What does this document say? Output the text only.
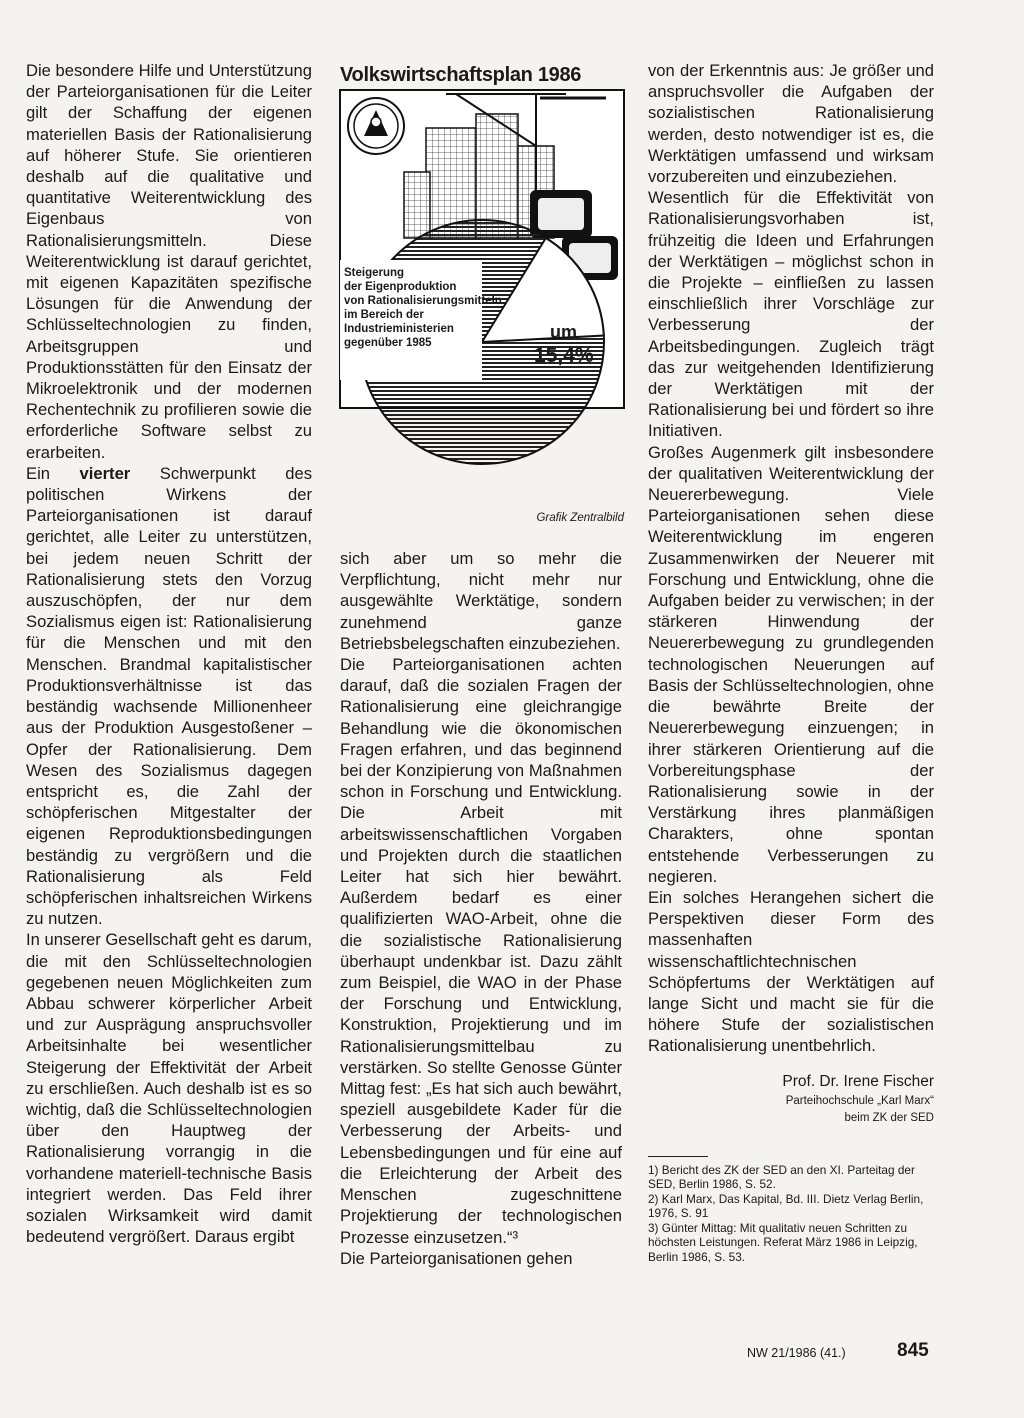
Die besondere Hilfe und Unterstützung der Parteiorganisationen für die Leiter gilt der Schaffung der eigenen materiellen Basis der Rationalisierung auf höherer Stufe. Sie orientieren deshalb auf die qualitative und quantitative Weiterentwicklung des Eigenbaus von Rationalisierungsmitteln. Diese Weiterentwicklung ist darauf gerichtet, mit eigenen Kapazitäten spezifische Lösungen für die Anwendung der Schlüsseltechnologien zu finden, Arbeitsgruppen und Produktionsstätten für den Einsatz der Mikroelektronik und der modernen Rechentechnik zu profilieren sowie die erforderliche Software selbst zu erarbeiten.

Ein vierter Schwerpunkt des politischen Wirkens der Parteiorganisationen ist darauf gerichtet, alle Leiter zu unterstützen, bei jedem neuen Schritt der Rationalisierung stets den Vorzug auszuschöpfen, der nur dem Sozialismus eigen ist: Rationalisierung für die Menschen und mit den Menschen. Brandmal kapitalistischer Produktionsverhältnisse ist das beständig wachsende Millionenheer aus der Produktion Ausgestoßener – Opfer der Rationalisierung. Dem Wesen des Sozialismus dagegen entspricht es, die Zahl der schöpferischen Mitgestalter der eigenen Reproduktionsbedingungen beständig zu vergrößern und die Rationalisierung als Feld schöpferischen inhaltsreichen Wirkens zu nutzen.

In unserer Gesellschaft geht es darum, die mit den Schlüsseltechnologien gegebenen neuen Möglichkeiten zum Abbau schwerer körperlicher Arbeit und zur Ausprägung anspruchsvoller Arbeitsinhalte bei wesentlicher Steigerung der Effektivität der Arbeit zu erschließen. Auch deshalb ist es so wichtig, daß die Schlüsseltechnologien über den Hauptweg der Rationalisierung vorrangig in die vorhandene materiell-technische Basis integriert werden. Das Feld ihrer sozialen Wirksamkeit wird damit bedeutend vergrößert. Daraus ergibt

Volkswirtschaftsplan 1986

Steigerung
der Eigenproduktion
von Rationalisierungsmitteln
im Bereich der
Industrieministerien
gegenüber 1985

um

15,4%

Grafik Zentralbild

sich aber um so mehr die Verpflichtung, nicht mehr nur ausgewählte Werktätige, sondern zunehmend ganze Betriebsbelegschaften einzubeziehen.

Die Parteiorganisationen achten darauf, daß die sozialen Fragen der Rationalisierung eine gleichrangige Behandlung wie die ökonomischen Fragen erfahren, und das beginnend bei der Konzipierung von Maßnahmen schon in Forschung und Entwicklung. Die Arbeit mit arbeitswissenschaftlichen Vorgaben und Projekten durch die staatlichen Leiter hat sich hier bewährt. Außerdem bedarf es einer qualifizierten WAO-Arbeit, ohne die die sozialistische Rationalisierung überhaupt undenkbar ist. Dazu zählt zum Beispiel, die WAO in der Phase der Forschung und Entwicklung, Konstruktion, Projektierung und im Rationalisierungsmittelbau zu verstärken. So stellte Genosse Günter Mittag fest: „Es hat sich auch bewährt, speziell ausgebildete Kader für die Verbesserung der Arbeits- und Lebensbedingungen und für eine auf die Erleichterung der Arbeit des Menschen zugeschnittene Projektierung der technologischen Prozesse einzusetzen.“³

Die Parteiorganisationen gehen

von der Erkenntnis aus: Je größer und anspruchsvoller die Aufgaben der sozialistischen Rationalisierung werden, desto notwendiger ist es, die Werktätigen umfassend und wirksam vorzubereiten und einzubeziehen.

Wesentlich für die Effektivität von Rationalisierungsvorhaben ist, frühzeitig die Ideen und Erfahrungen der Werktätigen – möglichst schon in die Projekte – einfließen zu lassen einschließlich ihrer Vorschläge zur Verbesserung der Arbeitsbedingungen. Zugleich trägt das zur weitgehenden Identifizierung der Werktätigen mit der Rationalisierung bei und fördert so ihre Initiativen.

Großes Augenmerk gilt insbesondere der qualitativen Weiterentwicklung der Neuererbewegung. Viele Parteiorganisationen sehen diese Weiterentwicklung im engeren Zusammenwirken der Neuerer mit Forschung und Entwicklung, ohne die Aufgaben beider zu verwischen; in der stärkeren Hinwendung der Neuererbewegung zu grundlegenden technologischen Neuerungen auf Basis der Schlüsseltechnologien, ohne die bewährte Breite der Neuererbewegung einzuengen; in ihrer stärkeren Orientierung auf die Vorbereitungsphase der Rationalisierung sowie in der Verstärkung ihres planmäßigen Charakters, ohne spontan entstehende Verbesserungen zu negieren.

Ein solches Herangehen sichert die Perspektiven dieser Form des massenhaften wissenschaftlichtechnischen Schöpfertums der Werktätigen auf lange Sicht und macht sie für die höhere Stufe der sozialistischen Rationalisierung unentbehrlich.

Prof. Dr. Irene Fischer

Parteihochschule „Karl Marx“

beim ZK der SED

1) Bericht des ZK der SED an den XI. Parteitag der SED, Berlin 1986, S. 52.

2) Karl Marx, Das Kapital, Bd. III. Dietz Verlag Berlin, 1976, S. 91

3) Günter Mittag: Mit qualitativ neuen Schritten zu höchsten Leistungen. Referat März 1986 in Leipzig, Berlin 1986, S. 53.

NW 21/1986 (41.)	845
